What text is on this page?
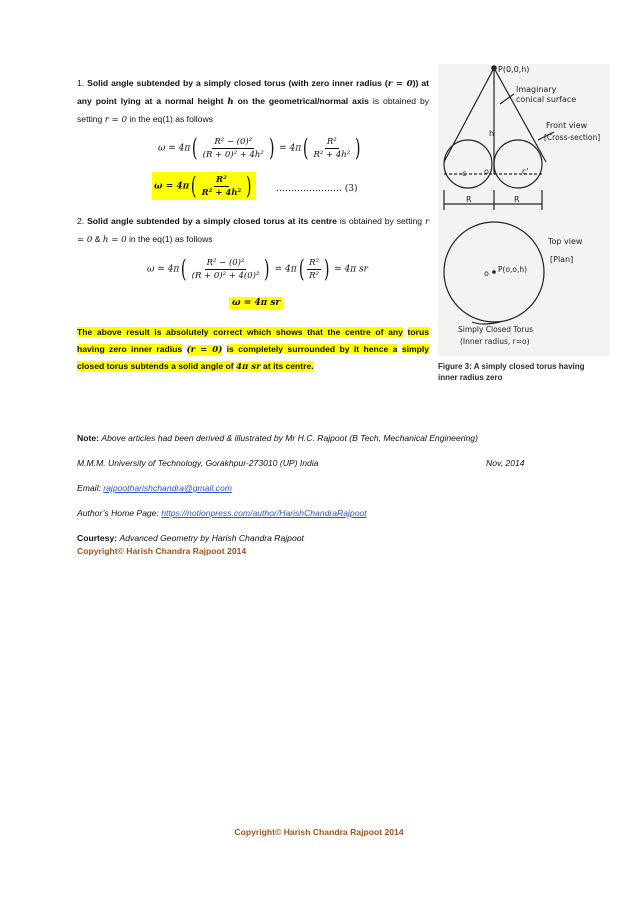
1. Solid angle subtended by a simply closed torus (with zero inner radius (r = 0)) at any point lying at a normal height h on the geometrical/normal axis is obtained by setting r = 0 in the eq(1) as follows
$\omega = 4\pi( \frac{\text{R² − (0)²}}{\text{(R + 0)² + 4h²}}$ ) = $4\pi( \frac{\text{R²}}{\text{R² + 4h²}}$ )
$\omega = 4\pi( \frac{\text{R²}}{\text{R² + 4h²}}$ )	…………………. (3)
2. Solid angle subtended by a simply closed torus at its centre is obtained by setting r = 0 & h = 0 in the eq(1) as follows
$\omega = 4\pi( \frac{\text{R² − (0)²}}{\text{(R + 0)² + 4(0)²}}$ ) = $4\pi( \frac{\text{R²}}{\text{R²}}$ ) = 4π sr
ω = 4π sr
The above result is absolutely correct which shows that the centre of any torus having zero inner radius (r = 0) is completely surrounded by it hence a simply closed torus subtends a solid angle of 4π sr at its centre.
P(0,0,h)
Imaginary
conical surface
Front view
[Cross-section]
h
c o	c'
R	R
Top view
[Plan]
o P(o,o,h)
Simply Closed Torus
(Inner radius, r=o)
Figure 3: A simply closed torus having
inner radius zero
Note: Above articles had been derived & illustrated by Mr H.C. Rajpoot (B Tech, Mechanical Engineering)
M.M.M. University of Technology, Gorakhpur-273010 (UP) India	Nov, 2014
Email: rajpootharishchandra@gmail.com
Author’s Home Page: https://notionpress.com/author/HarishChandraRajpoot
Courtesy: Advanced Geometry by Harish Chandra Rajpoot
Copyright© Harish Chandra Rajpoot 2014
Copyright© Harish Chandra Rajpoot 2014
